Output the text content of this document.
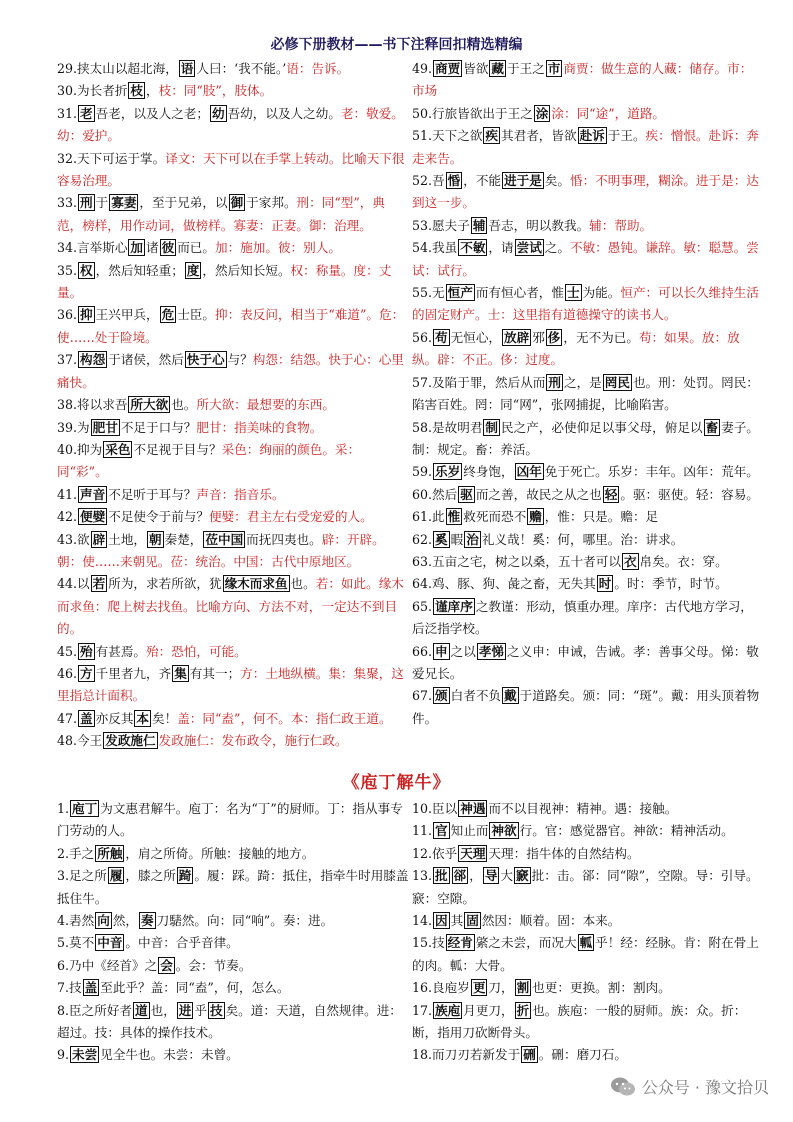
必修下册教材——书下注释回扣精选精编

29.挟太山以超北海， 语 人曰：‘我不能。’语：告诉。

30.为长者折 枝 ，枝：同“肢”，肢体。

31. 老 吾老，以及人之老； 幼 吾幼，以及人之幼。老：敬爱。幼：爱护。

32.天下可运于掌。译文：天下可以在手掌上转动。比喻天下很容易治理。

33. 刑 于 寡妻 ，至于兄弟，以 御 于家邦。刑：同“型”，典范，榜样，用作动词，做榜样。寡妻：正妻。御：治理。

34.言举斯心 加 诸 彼 而已。加：施加。彼：别人。

35. 权 ，然后知轻重； 度 ，然后知长短。权：称量。度：丈量。

36. 抑 王兴甲兵， 危 士臣。抑：表反问，相当于“难道”。危：使……处于险境。

37. 构怨 于诸侯，然后 快于心 与？构怨：结怨。快于心：心里痛快。

38.将以求吾 所大欲 也。所大欲：最想要的东西。

39.为 肥甘 不足于口与？肥甘：指美味的食物。

40.抑为 采色 不足视于目与？采色：绚丽的颜色。采：同“彩”。

41. 声音 不足听于耳与？声音：指音乐。

42. 便嬖 不足使令于前与？便嬖：君主左右受宠爱的人。

43.欲 辟 土地， 朝 秦楚， 莅中国 而抚四夷也。辟：开辟。朝：使……来朝见。莅：统治。中国：古代中原地区。

44.以 若 所为，求若所欲，犹 缘木而求鱼 也。若：如此。缘木而求鱼：爬上树去找鱼。比喻方向、方法不对，一定达不到目的。

45. 殆 有甚焉。殆：恐怕，可能。

46. 方 千里者九，齐 集 有其一；方：土地纵横。集：集聚，这里指总计面积。

47. 盖 亦反其 本 矣！盖：同“盍”，何不。本：指仁政王道。

48.今王 发政施仁 发政施仁：发布政令，施行仁政。

49. 商贾 皆欲 藏 于王之 市 商贾：做生意的人藏：储存。市：市场

50.行旅皆欲出于王之 涂 涂：同“途”，道路。

51.天下之欲 疾 其君者，皆欲 赴诉 于王。疾：憎恨。赴诉：奔走来告。

52.吾 惛 ，不能 进于是 矣。惛：不明事理，糊涂。进于是：达到这一步。

53.愿夫子 辅 吾志，明以教我。辅：帮助。

54.我虽 不敏 ，请 尝试 之。不敏：愚钝。谦辞。敏：聪慧。尝试：试行。

55.无 恒产 而有恒心者，惟 士 为能。恒产：可以长久维持生活的固定财产。士：这里指有道德操守的读书人。

56. 苟 无恒心， 放辟 邪 侈 ，无不为已。苟：如果。放：放纵。辟：不正。侈：过度。

57.及陷于罪，然后从而 刑 之，是 罔民 也。刑：处罚。罔民：陷害百姓。罔：同“网”，张网捕捉，比喻陷害。

58.是故明君 制 民之产，必使仰足以事父母，俯足以 畜 妻子。制：规定。畜：养活。

59. 乐岁 终身饱， 凶年 免于死亡。乐岁：丰年。凶年：荒年。

60.然后 驱 而之善，故民之从之也 轻 。驱：驱使。轻：容易。

61.此 惟 救死而恐不 赡 ，惟：只是。赡：足

62. 奚 暇 治 礼义哉！奚：何，哪里。治：讲求。

63.五亩之宅，树之以桑，五十者可以 衣 帛矣。衣：穿。

64.鸡、豚、狗、彘之畜，无失其 时 。时：季节，时节。

65. 谨庠序 之教谨：形动，慎重办理。庠序：古代地方学习，后泛指学校。

66. 申 之以 孝悌 之义申：申诫，告诫。孝：善事父母。悌：敬爱兄长。

67. 颁 白者不负 戴 于道路矣。颁：同：“斑”。戴：用头顶着物件。

《庖丁解牛》

1. 庖丁 为文惠君解牛。庖丁：名为“丁”的厨师。丁：指从事专门劳动的人。

2.手之 所触 ，肩之所倚。所触：接触的地方。

3.足之所 履 ，膝之所 踦 。履：踩。踦：抵住，指牵牛时用膝盖抵住牛。

4.砉然 向 然， 奏 刀騞然。向：同“响”。奏：进。

5.莫不 中音 。中音：合乎音律。

6.乃中《经首》之 会 。会：节奏。

7.技 盖 至此乎？盖：同“盍”，何，怎么。

8.臣之所好者 道 也， 进 乎 技 矣。道：天道，自然规律。进：超过。技：具体的操作技术。

9. 未尝 见全牛也。未尝：未曾。

10.臣以 神遇 而不以目视神：精神。遇：接触。

11. 官 知止而 神欲 行。官：感觉器官。神欲：精神活动。

12.依乎 天理 天理：指牛体的自然结构。

13. 批 郤 ， 导 大 窾 批：击。郤：同“隙”，空隙。导：引导。窾：空隙。

14. 因 其 固 然因：顺着。固：本来。

15.技 经肯 綮之未尝，而况大 軱 乎！经：经脉。肯：附在骨上的肉。軱：大骨。

16.良庖岁 更 刀， 割 也更：更换。割：割肉。

17. 族庖 月更刀， 折 也。族庖：一般的厨师。族：众。折：断，指用刀砍断骨头。

18.而刀刃若新发于 硎 。硎：磨刀石。

公众号 · 豫文拾贝
